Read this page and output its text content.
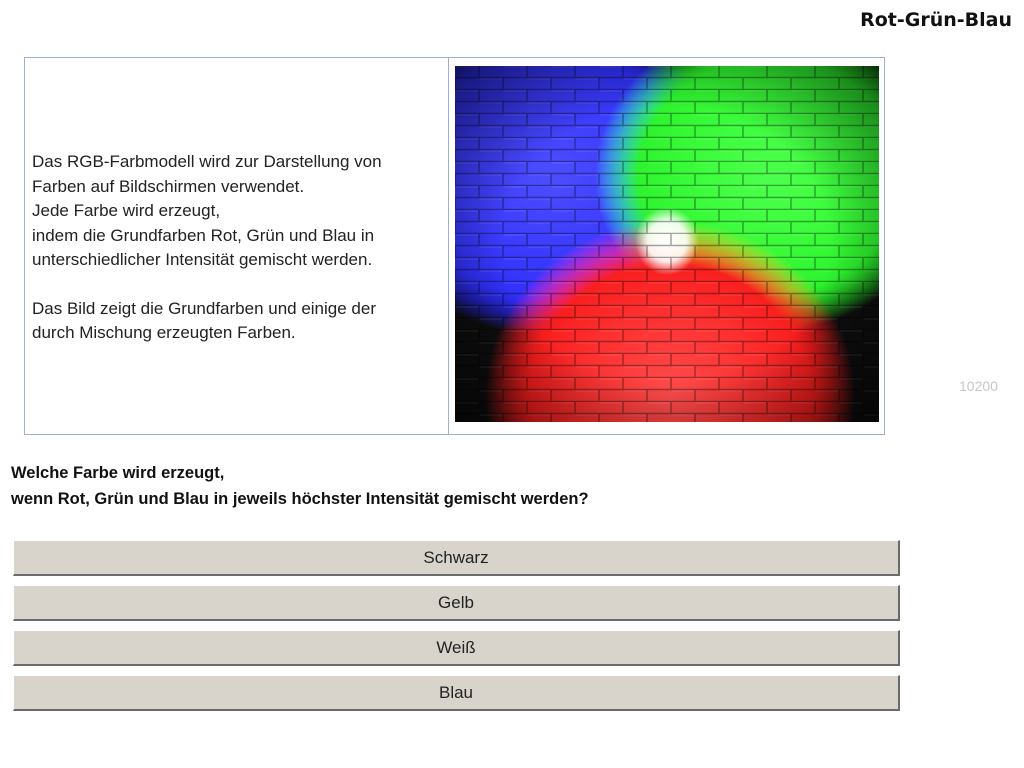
Rot-Grün-Blau

Das RGB-Farbmodell wird zur Darstellung von

Farben auf Bildschirmen verwendet.

Jede Farbe wird erzeugt,

indem die Grundfarben Rot, Grün und Blau in

unterschiedlicher Intensität gemischt werden.

Das Bild zeigt die Grundfarben und einige der

durch Mischung erzeugten Farben.

10200

Welche Farbe wird erzeugt,

wenn Rot, Grün und Blau in jeweils höchster Intensität gemischt werden?

Schwarz
Gelb
Weiß
Blau
